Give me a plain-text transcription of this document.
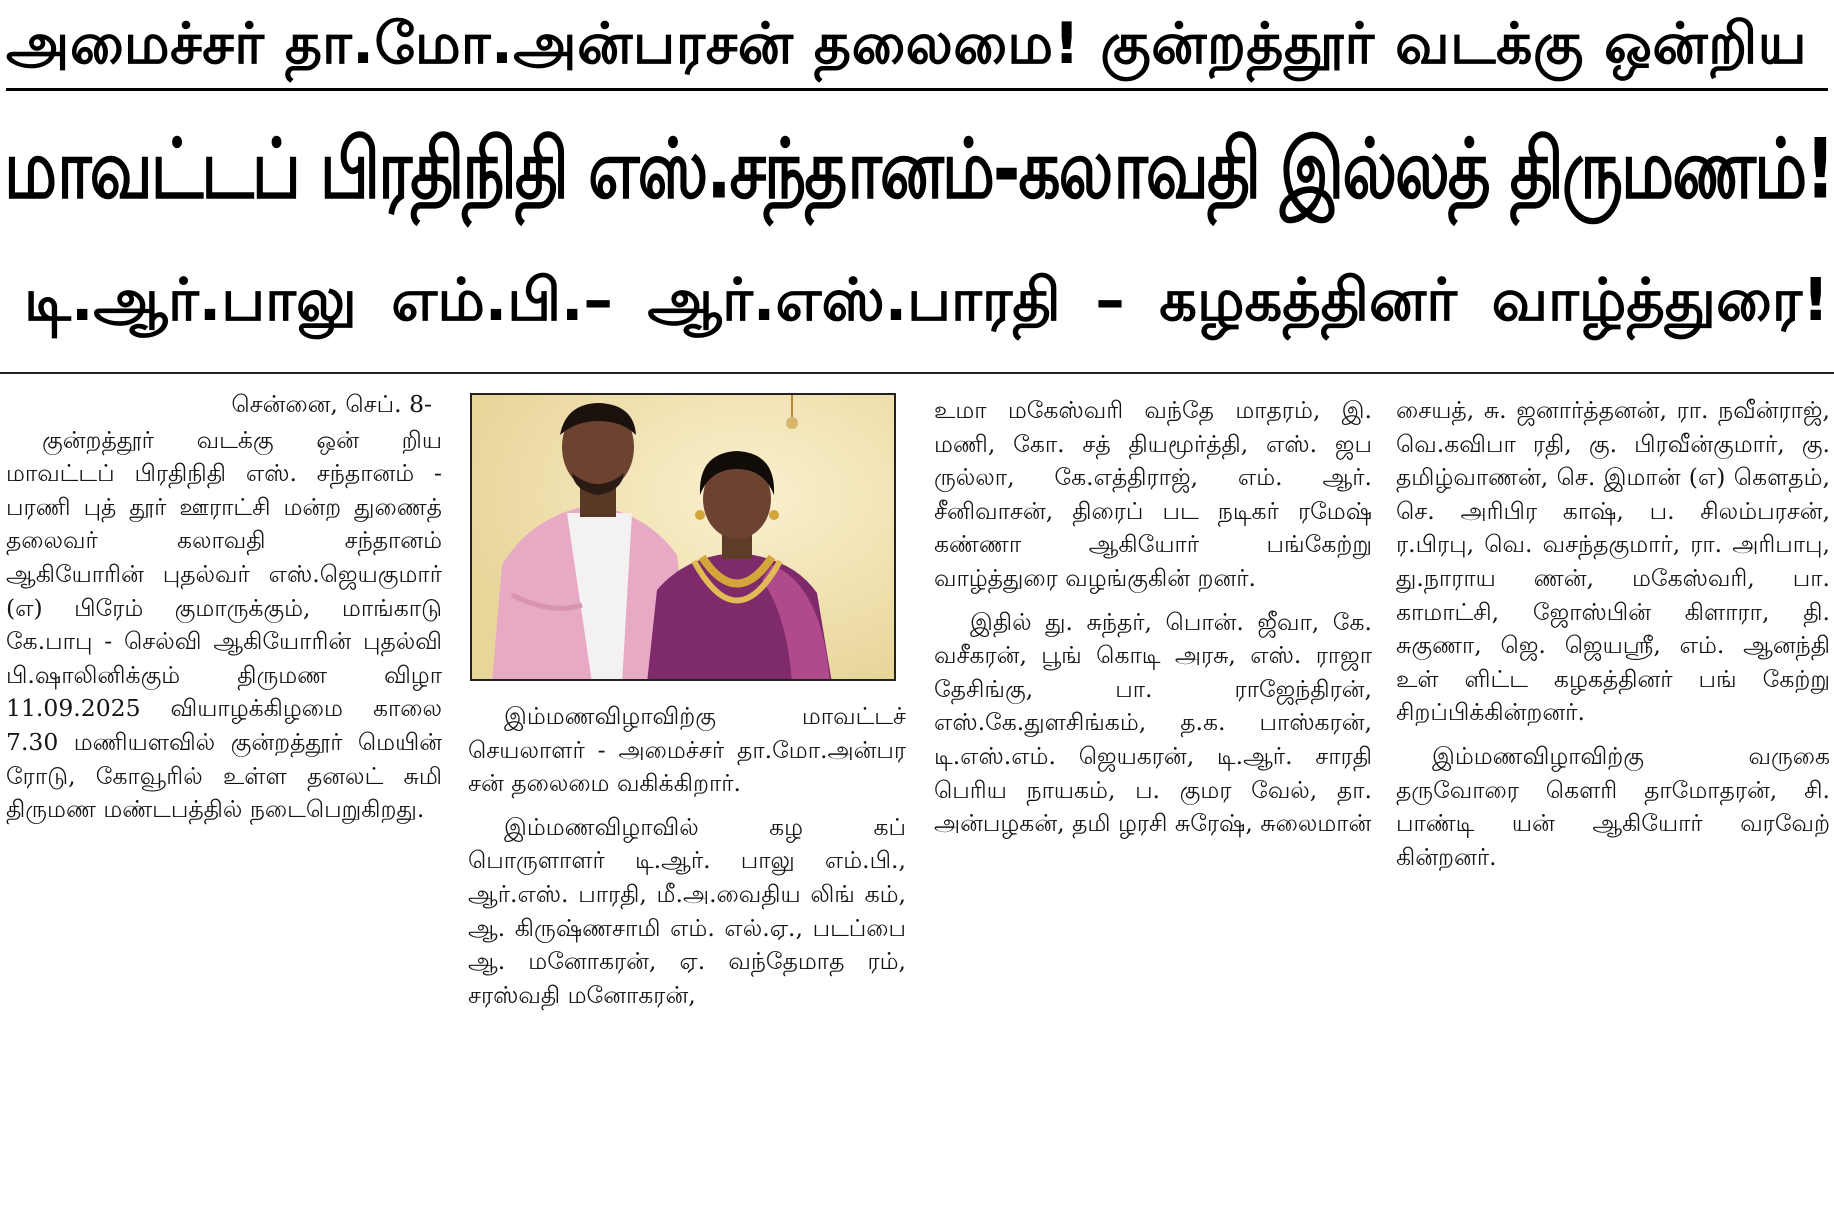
அமைச்சர் தா.மோ.அன்பரசன் தலைமை! குன்றத்தூர் வடக்கு ஒன்றிய
மாவட்டப் பிரதிநிதி எஸ்.சந்தானம்-கலாவதி இல்லத் திருமணம்!
டி.ஆர்.பாலு எம்.பி.– ஆர்.எஸ்.பாரதி – கழகத்தினர் வாழ்த்துரை!
சென்னை, செப். 8-

குன்றத்தூர் வடக்கு ஒன் றிய மாவட்டப் பிரதிநிதி எஸ். சந்தானம் - பரணி புத் தூர் ஊராட்சி மன்ற துணைத் தலைவர் கலாவதி சந்தானம் ஆகியோரின் புதல்வர் எஸ்.ஜெயகுமார் (எ) பிரேம் குமாருக்கும், மாங்காடு கே.பாபு - செல்வி ஆகியோரின் புதல்வி பி.ஷாலினிக்கும் திருமண விழா 11.09.2025 வியாழக்கிழமை காலை 7.30 மணியளவில் குன்றத்தூர் மெயின் ரோடு, கோவூரில் உள்ள தனலட் சுமி திருமண மண்டபத்தில் நடைபெறுகிறது.

இம்மணவிழாவிற்கு மாவட்டச் செயலாளர் - அமைச்சர் தா.மோ.அன்பர சன் தலைமை வகிக்கிறார்.

இம்மணவிழாவில் கழ கப் பொருளாளர் டி.ஆர். பாலு எம்.பி., ஆர்.எஸ். பாரதி, மீ.அ.வைதிய லிங் கம், ஆ. கிருஷ்ணசாமி எம். எல்.ஏ., படப்பை ஆ. மனோகரன், ஏ. வந்தேமாத ரம், சரஸ்வதி மனோகரன்,

உமா மகேஸ்வரி வந்தே மாதரம், இ. மணி, கோ. சத் தியமூர்த்தி, எஸ். ஜப ருல்லா, கே.எத்திராஜ், எம். ஆர். சீனிவாசன், திரைப் பட நடிகர் ரமேஷ் கண்ணா ஆகியோர் பங்கேற்று வாழ்த்துரை வழங்குகின் றனர்.

இதில் து. சுந்தர், பொன். ஜீவா, கே. வசீகரன், பூங் கொடி அரசு, எஸ். ராஜா தேசிங்கு, பா. ராஜேந்திரன், எஸ்.கே.துளசிங்கம், த.க. பாஸ்கரன், டி.எஸ்.எம். ஜெயகரன், டி.ஆர். சாரதி பெரிய நாயகம், ப. குமர வேல், தா. அன்பழகன், தமி ழரசி சுரேஷ், சுலைமான்

சையத், சு. ஜனார்த்தனன், ரா. நவீன்ராஜ், வெ.கவிபா ரதி, கு. பிரவீன்குமார், கு. தமிழ்வாணன், செ. இமான் (எ) கௌதம், செ. அரிபிர காஷ், ப. சிலம்பரசன், ர.பிரபு, வெ. வசந்தகுமார், ரா. அரிபாபு, து.நாராய ணன், மகேஸ்வரி, பா. காமாட்சி, ஜோஸ்பின் கிளாரா, தி. சுகுணா, ஜெ. ஜெயஸ்ரீ, எம். ஆனந்தி உள் ளிட்ட கழகத்தினர் பங் கேற்று சிறப்பிக்கின்றனர்.

இம்மணவிழாவிற்கு வருகை தருவோரை கௌரி தாமோதரன், சி. பாண்டி யன் ஆகியோர் வரவேற் கின்றனர்.
